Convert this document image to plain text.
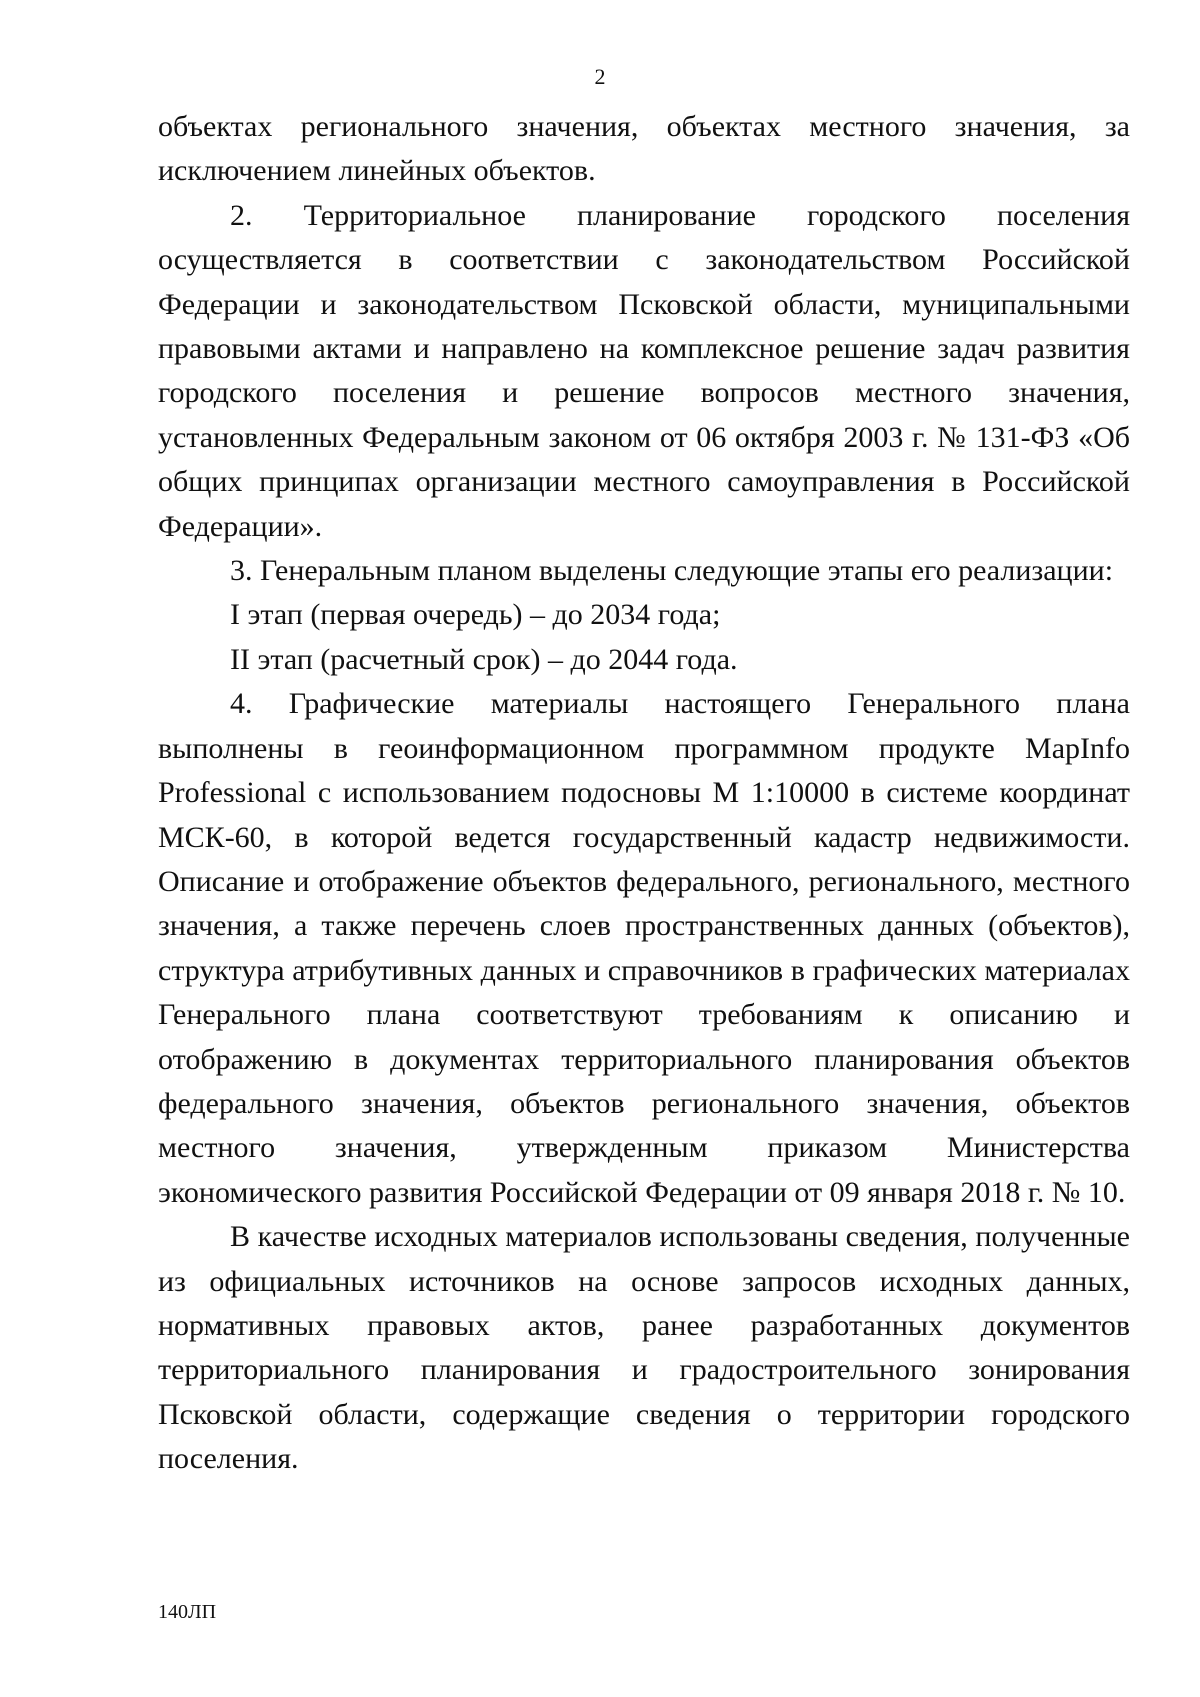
2

объектах регионального значения, объектах местного значения, за исключением линейных объектов.

2. Территориальное планирование городского поселения осуществляется в соответствии с законодательством Российской Федерации и законодательством Псковской области, муниципальными правовыми актами и направлено на комплексное решение задач развития городского поселения и решение вопросов местного значения, установленных Федеральным законом от 06 октября 2003 г. № 131-ФЗ «Об общих принципах организации местного самоуправления в Российской Федерации».

3. Генеральным планом выделены следующие этапы его реализации:

I этап (первая очередь) – до 2034 года;

II этап (расчетный срок) – до 2044 года.

4. Графические материалы настоящего Генерального плана выполнены в геоинформационном программном продукте MapInfo Professional с использованием подосновы М 1:10000 в системе координат МСК-60, в которой ведется государственный кадастр недвижимости. Описание и отображение объектов федерального, регионального, местного значения, а также перечень слоев пространственных данных (объектов), структура атрибутивных данных и справочников в графических материалах Генерального плана соответствуют требованиям к описанию и отображению в документах территориального планирования объектов федерального значения, объектов регионального значения, объектов местного значения, утвержденным приказом Министерства экономического развития Российской Федерации от 09 января 2018 г. № 10.

В качестве исходных материалов использованы сведения, полученные из официальных источников на основе запросов исходных данных, нормативных правовых актов, ранее разработанных документов территориального планирования и градостроительного зонирования Псковской области, содержащие сведения о территории городского поселения.

140ЛП
